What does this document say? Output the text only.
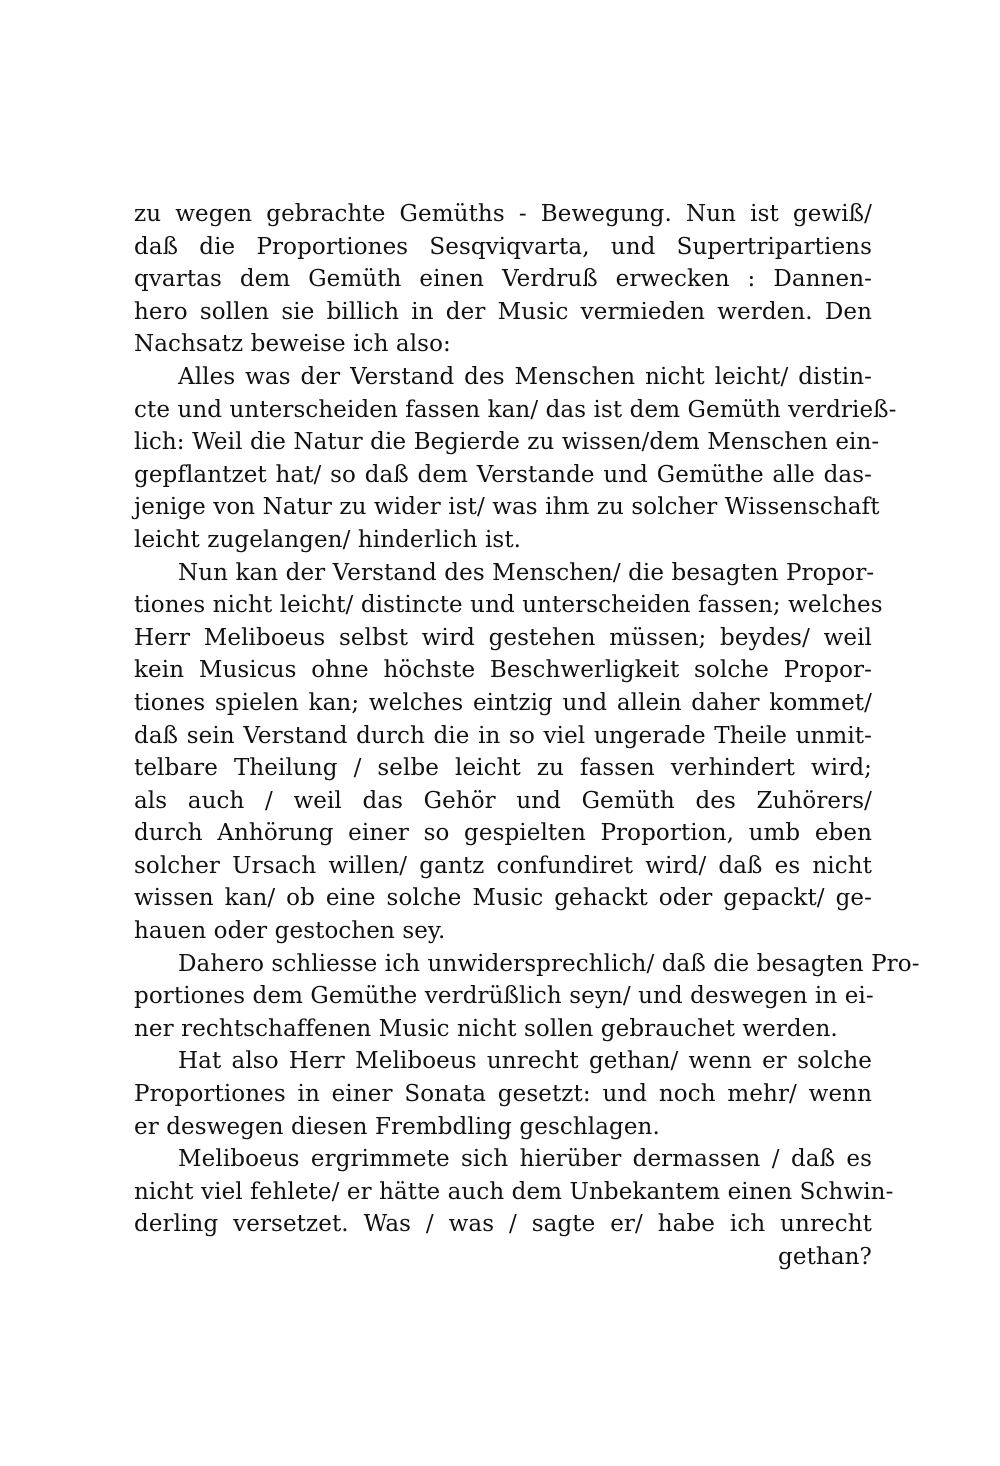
zu wegen gebrachte Gemüths - Bewegung. Nun ist gewiß/
daß die Proportiones Sesqviqvarta, und Supertripartiens
qvartas dem Gemüth einen Verdruß erwecken : Dannen-
hero sollen sie billich in der Music vermieden werden. Den
Nachsatz beweise ich also:
Alles was der Verstand des Menschen nicht leicht/ distin-
cte und unterscheiden fassen kan/ das ist dem Gemüth verdrieß-
lich: Weil die Natur die Begierde zu wissen/dem Menschen ein-
gepflantzet hat/ so daß dem Verstande und Gemüthe alle das-
jenige von Natur zu wider ist/ was ihm zu solcher Wissenschaft
leicht zugelangen/ hinderlich ist.
Nun kan der Verstand des Menschen/ die besagten Propor-
tiones nicht leicht/ distincte und unterscheiden fassen; welches
Herr Meliboeus selbst wird gestehen müssen; beydes/ weil
kein Musicus ohne höchste Beschwerligkeit solche Propor-
tiones spielen kan; welches eintzig und allein daher kommet/
daß sein Verstand durch die in so viel ungerade Theile unmit-
telbare Theilung / selbe leicht zu fassen verhindert wird;
als auch / weil das Gehör und Gemüth des Zuhörers/
durch Anhörung einer so gespielten Proportion, umb eben
solcher Ursach willen/ gantz confundiret wird/ daß es nicht
wissen kan/ ob eine solche Music gehackt oder gepackt/ ge-
hauen oder gestochen sey.
Dahero schliesse ich unwidersprechlich/ daß die besagten Pro-
portiones dem Gemüthe verdrüßlich seyn/ und deswegen in ei-
ner rechtschaffenen Music nicht sollen gebrauchet werden.
Hat also Herr Meliboeus unrecht gethan/ wenn er solche
Proportiones in einer Sonata gesetzt: und noch mehr/ wenn
er deswegen diesen Frembdling geschlagen.
Meliboeus ergrimmete sich hierüber dermassen / daß es
nicht viel fehlete/ er hätte auch dem Unbekantem einen Schwin-
derling versetzet. Was / was / sagte er/ habe ich unrecht
gethan?
